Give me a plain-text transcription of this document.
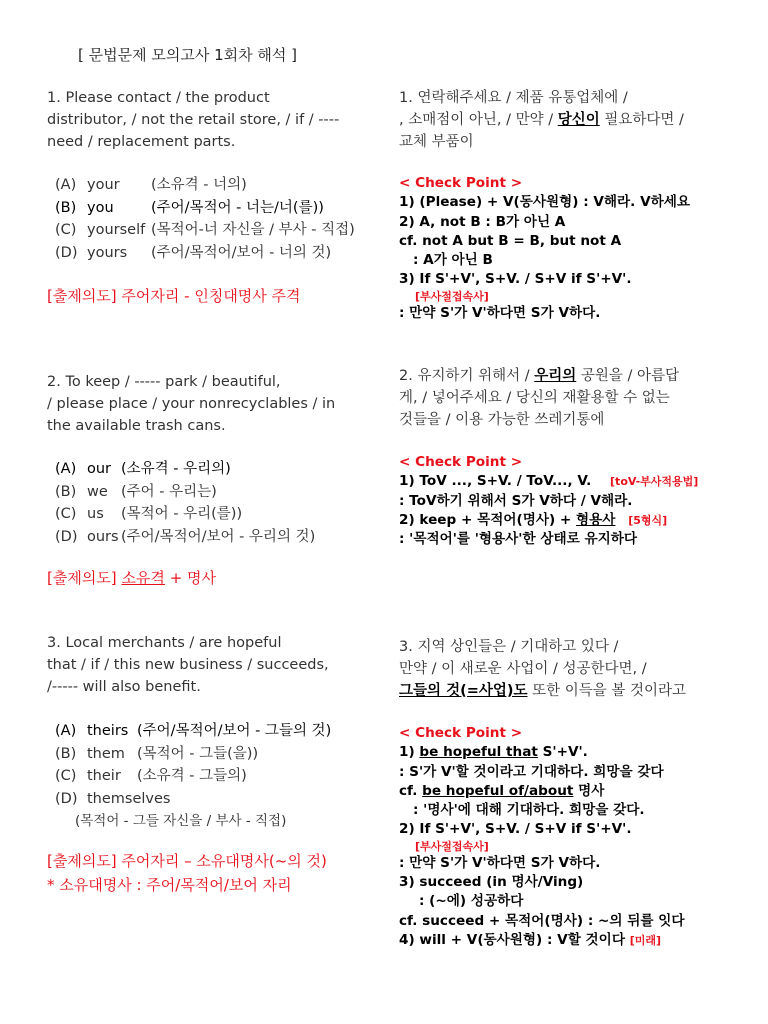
[ 문법문제 모의고사 1회차 해석 ]
1. Please contact / the product
distributor, / not the retail store, / if / ----
need / replacement parts.
(A) your (소유격 - 너의)
(B) you	(주어/목적어 - 너는/너(를))
(C) yourself (목적어-너 자신을 / 부사 - 직접)
(D) yours (주어/목적어/보어 - 너의 것)
[출제의도] 주어자리 - 인칭대명사 주격
1. 연락해주세요 / 제품 유통업체에 /
, 소매점이 아닌, / 만약 / 당신이 필요하다면 /
교체 부품이
< Check Point >
1) (Please) + V(동사원형) : V해라. V하세요
2) A, not B : B가 아닌 A
cf. not A but B = B, but not A
: A가 아닌 B
3) If S'+V', S+V. / S+V if S'+V'.
[부사절접속사]
: 만약 S'가 V'하다면 S가 V하다.
2. To keep / ----- park / beautiful,
/ please place / your nonrecyclables / in
the available trash cans.
(A) our (소유격 - 우리의)
(B) we (주어 - 우리는)
(C) us (목적어 - 우리(를))
(D) ours (주어/목적어/보어 - 우리의 것)
[출제의도] 소유격 + 명사
2. 유지하기 위해서 / 우리의 공원을 / 아름답
게, / 넣어주세요 / 당신의 재활용할 수 없는
것들을 / 이용 가능한 쓰레기통에
< Check Point >
1) ToV ..., S+V. / ToV..., V. [toV-부사적용법]
: ToV하기 위해서 S가 V하다 / V해라.
2) keep + 목적어(명사) + 형용사 [5형식]
: '목적어'를 '형용사'한 상태로 유지하다
3. Local merchants / are hopeful
that / if / this new business / succeeds,
/----- will also benefit.
(A) theirs (주어/목적어/보어 - 그들의 것)
(B) them (목적어 - 그들(을))
(C) their (소유격 - 그들의)
(D) themselves
(목적어 - 그들 자신을 / 부사 - 직접)
[출제의도] 주어자리 – 소유대명사(~의 것)
* 소유대명사 : 주어/목적어/보어 자리
3. 지역 상인들은 / 기대하고 있다 /
만약 / 이 새로운 사업이 / 성공한다면, /
그들의 것(=사업)도 또한 이득을 볼 것이라고
< Check Point >
1) be hopeful that S'+V'.
: S'가 V'할 것이라고 기대하다. 희망을 갖다
cf. be hopeful of/about 명사
: '명사'에 대해 기대하다. 희망을 갖다.
2) If S'+V', S+V. / S+V if S'+V'.
[부사절접속사]
: 만약 S'가 V'하다면 S가 V하다.
3) succeed (in 명사/Ving)
: (~에) 성공하다
cf. succeed + 목적어(명사) : ~의 뒤를 잇다
4) will + V(동사원형) : V할 것이다 [미래]
